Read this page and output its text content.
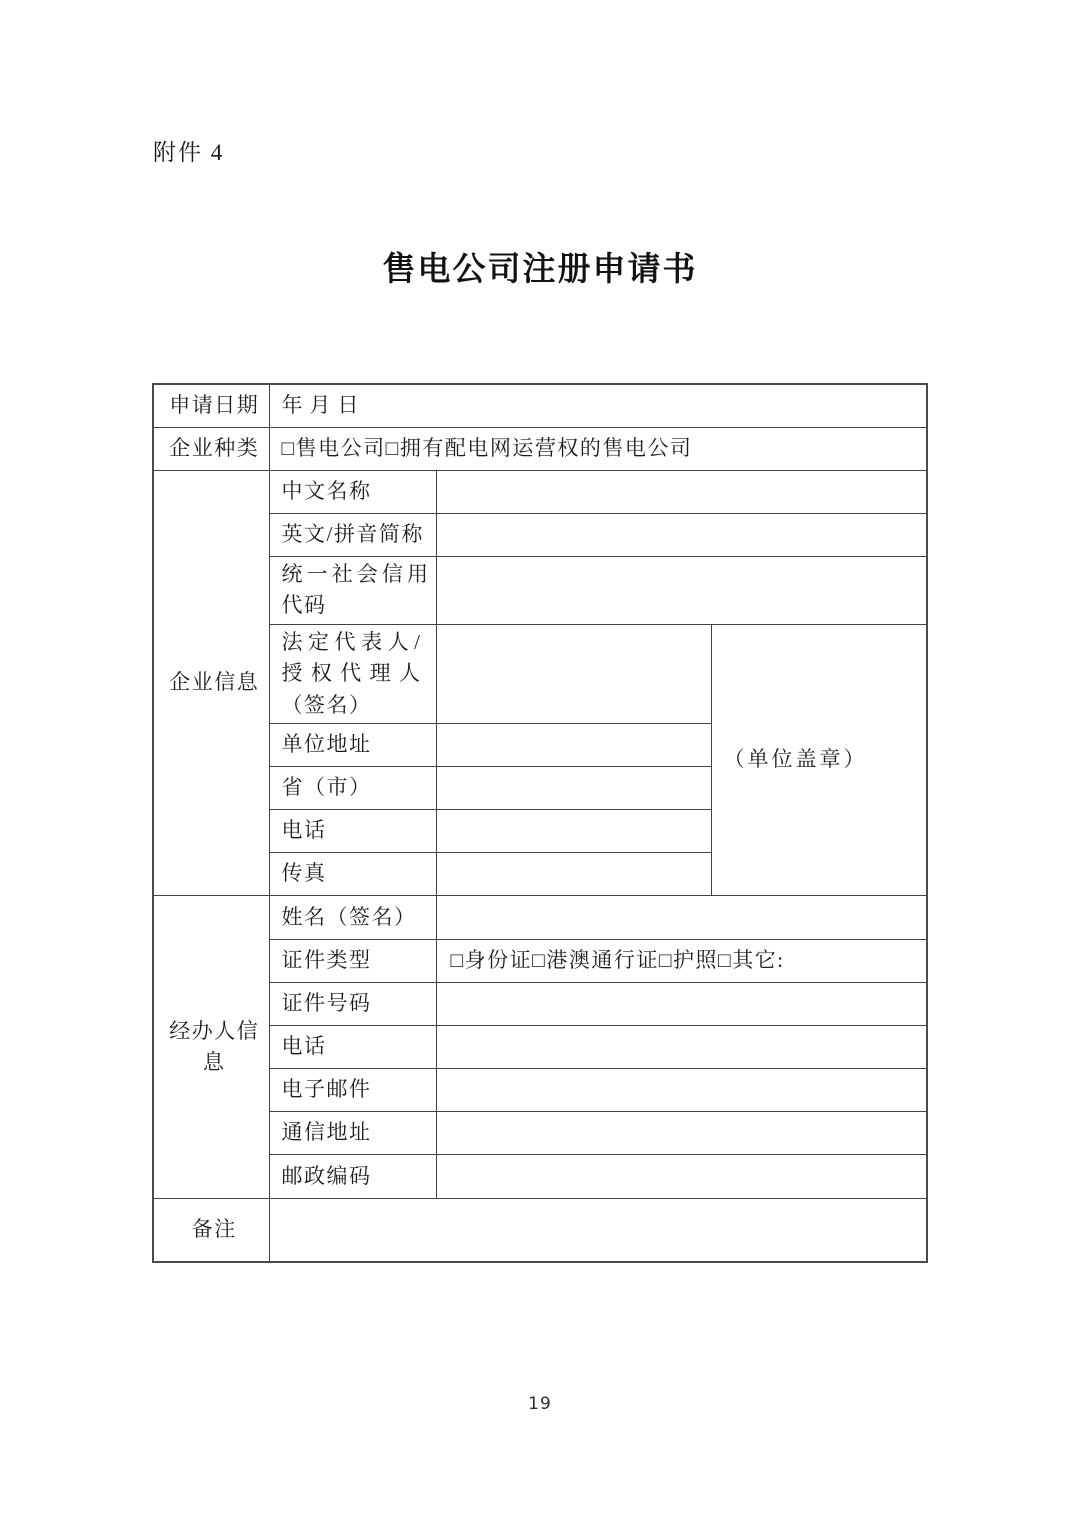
附件 4
售电公司注册申请书
申请日期	年月日		
企业种类	□售电公司□拥有配电网运营权的售电公司		
企业信息	中文名称		
	英文/拼音简称		
	统一社会信用代码		

	法定代表人/授权代理人（签名）		（单位盖章）
	单位地址		
	省（市）		
	电话		
	传真		
经办人信息	姓名（签名）		
	证件类型	□身份证□港澳通行证□护照□其它:	
	证件号码		
	电话		
	电子邮件		
	通信地址		
	邮政编码		
备注			
19
